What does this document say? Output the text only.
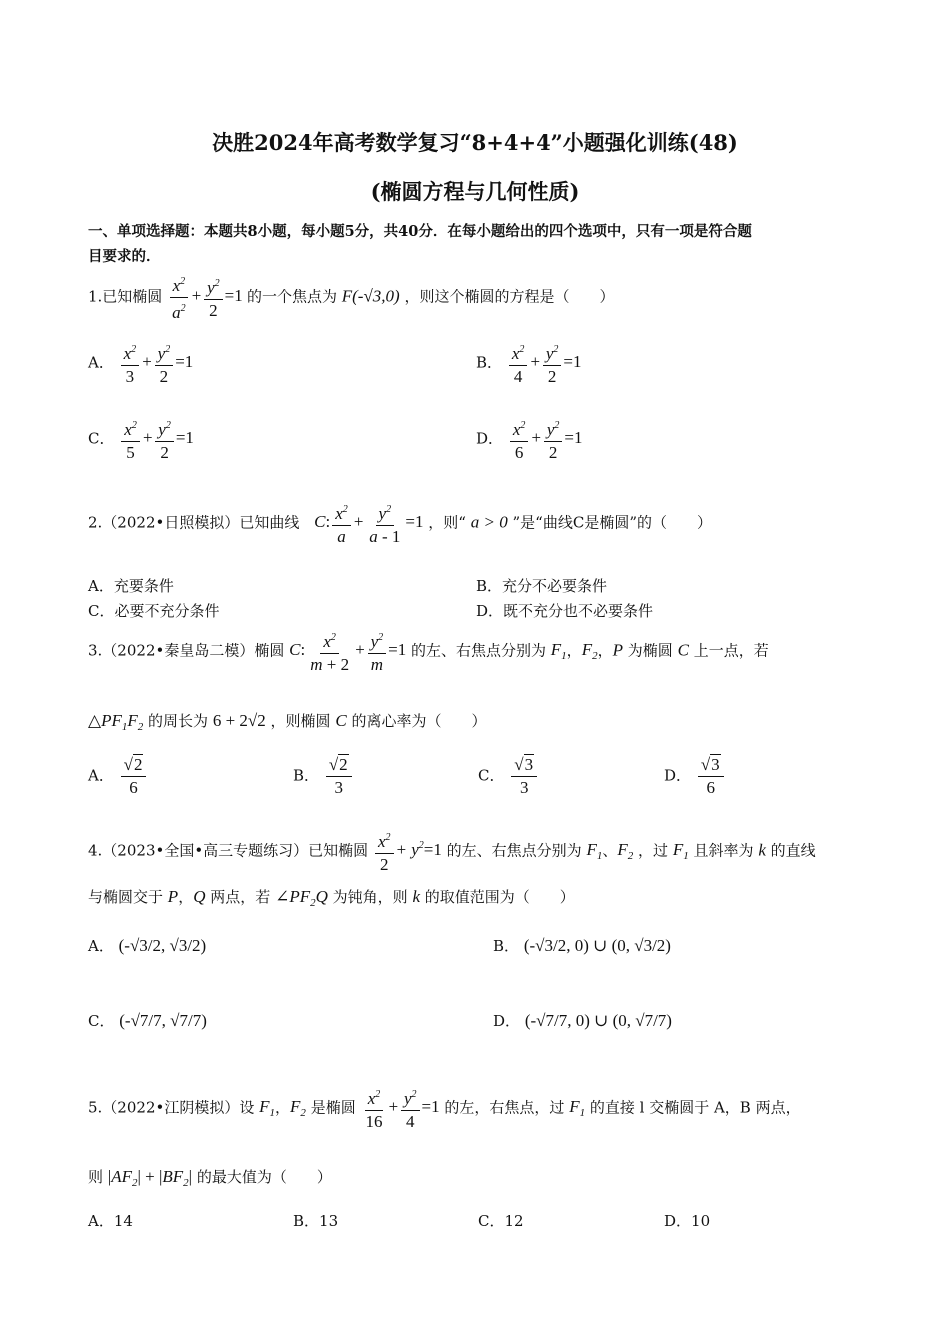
决胜2024年高考数学复习“8+4+4”小题强化训练(48)
(椭圆方程与几何性质)
一、单项选择题：本题共8小题，每小题5分，共40分．在每小题给出的四个选项中，只有一项是符合题
目要求的．
1.已知椭圆 $\frac{x^2}{a^2} + \frac{y^2}{2} =1$ 的一个焦点为 F(-√3,0) ，则这个椭圆的方程是（　　）
A． $\frac{x^2}{3} + \frac{y^2}{2} =1$	B． $\frac{x^2}{4} + \frac{y^2}{2} =1$
C． $\frac{x^2}{5} + \frac{y^2}{2} =1$	D． $\frac{x^2}{6} + \frac{y^2}{2} =1$
2.（2022•日照模拟）已知曲线 C: $\frac{x^2}{a} + \frac{y^2}{a - 1} =1$ ，则“ a > 0 ”是“曲线C是椭圆”的（　　）
A．充要条件	B．充分不必要条件
C．必要不充分条件	D．既不充分也不必要条件
3.（2022•秦皇岛二模）椭圆 C: $\frac{x^2}{m + 2} + \frac{y^2}{m} =1$ 的左、右焦点分别为 $F_1$，$F_2$，P 为椭圆 C 上一点，若
$\triangle PF_1F_2$ 的周长为 6 + 2√2 ，则椭圆 C 的离心率为（　　）
A． $\frac{√2}{6}$	B． $\frac{√2}{3}$	C． $\frac{√3}{3}$	D． $\frac{√3}{6}$
4.（2023•全国•高三专题练习）已知椭圆 $\frac{x^2}{2} + y^2=1$ 的左、右焦点分别为 $F_1$、$F_2$ ，过 $F_1$ 且斜率为 k 的直线
与椭圆交于 P，Q 两点，若 $\angle PF_2Q$ 为钝角，则 k 的取值范围为（　　）
A． (-√3/2, √3/2)	B． (-√3/2, 0) ∪ (0, √3/2)
C． (-√7/7, √7/7)	D． (-√7/7, 0) ∪ (0, √7/7)
5.（2022•江阴模拟）设 $F_1$，$F_2$ 是椭圆 $\frac{x^2}{16} + \frac{y^2}{4} =1$ 的左，右焦点，过 $F_1$ 的直接 l 交椭圆于 A，B 两点，
则 $|AF_2| + |BF_2|$ 的最大值为（　　）
A．14	B．13	C．12	D．10
